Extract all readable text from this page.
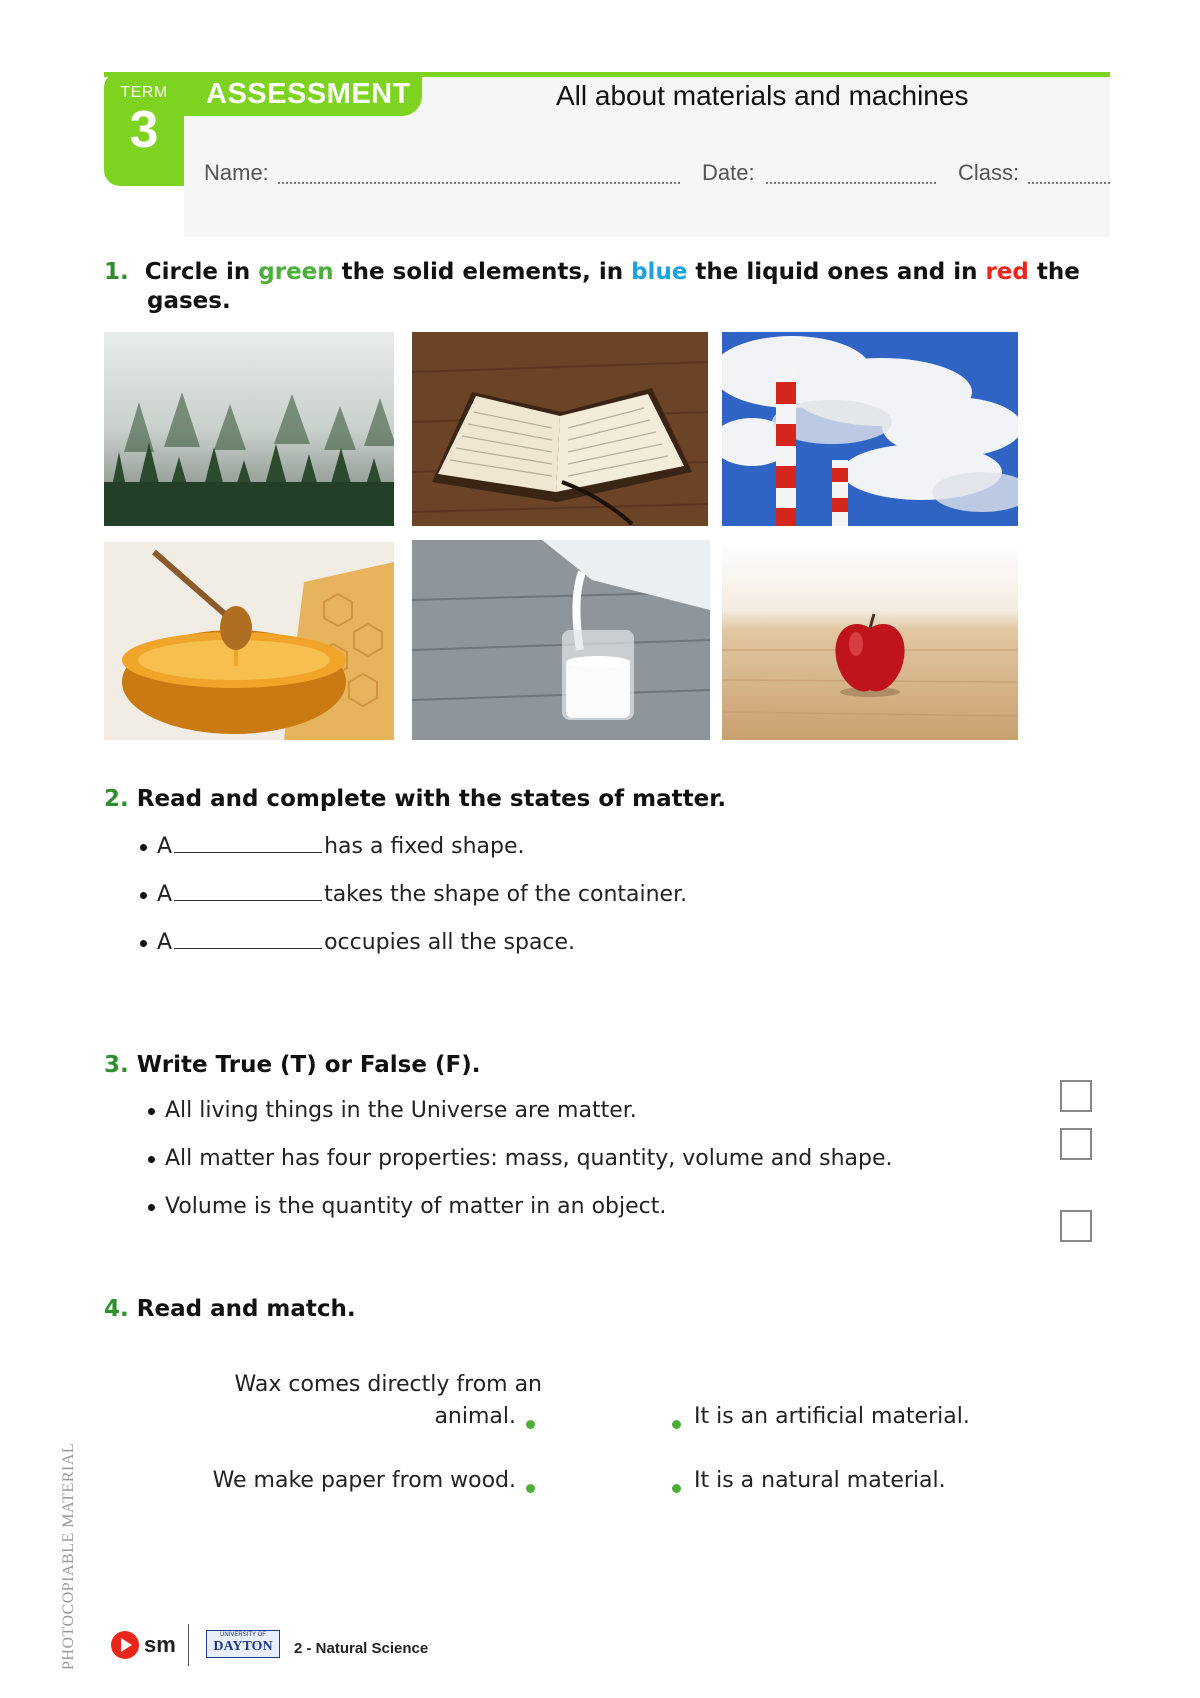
TERM
3
ASSESSMENT	All about materials and machines
Name:	Date:	Class:
1. Circle in green the solid elements, in blue the liquid ones and in red the
gases.
2. Read and complete with the states of matter.
A	has a fixed shape.
A	takes the shape of the container.
A	occupies all the space.
3. Write True (T) or False (F).
All living things in the Universe are matter.
All matter has four properties: mass, quantity, volume and shape.
Volume is the quantity of matter in an object.
4. Read and match.
Wax comes directly from an
animal.
We make paper from wood.
It is an artificial material.
It is a natural material.
PHOTOCOPIABLE MATERIAL	sm	UNIVERSITY OF
DAYTON	2 - Natural Science
